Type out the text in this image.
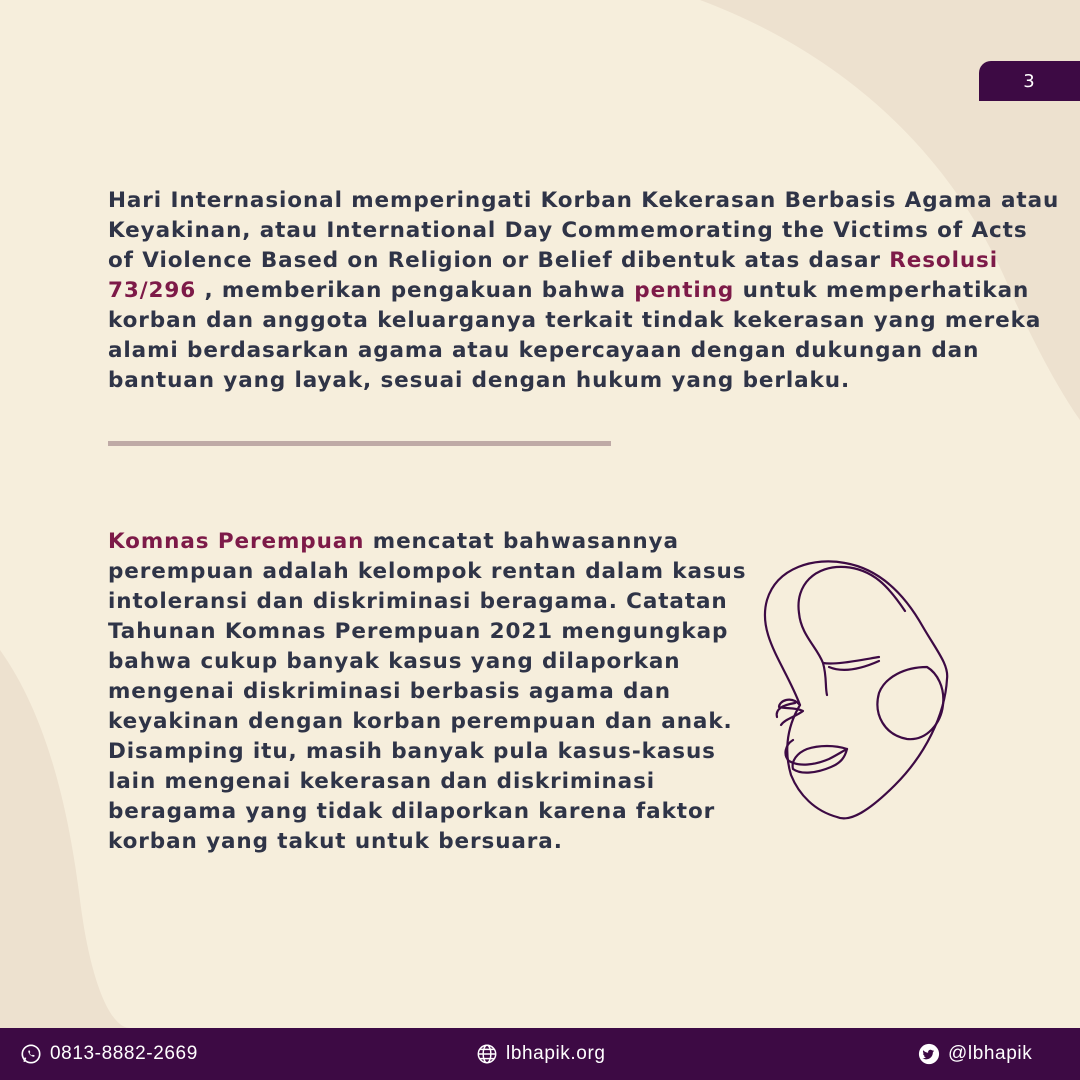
3
Hari Internasional memperingati Korban Kekerasan Berbasis Agama atau
Keyakinan, atau International Day Commemorating the Victims of Acts
of Violence Based on Religion or Belief dibentuk atas dasar Resolusi
73/296 , memberikan pengakuan bahwa penting untuk memperhatikan
korban dan anggota keluarganya terkait tindak kekerasan yang mereka
alami berdasarkan agama atau kepercayaan dengan dukungan dan
bantuan yang layak, sesuai dengan hukum yang berlaku.
Komnas Perempuan mencatat bahwasannya
perempuan adalah kelompok rentan dalam kasus
intoleransi dan diskriminasi beragama. Catatan
Tahunan Komnas Perempuan 2021 mengungkap
bahwa cukup banyak kasus yang dilaporkan
mengenai diskriminasi berbasis agama dan
keyakinan dengan korban perempuan dan anak.
Disamping itu, masih banyak pula kasus-kasus
lain mengenai kekerasan dan diskriminasi
beragama yang tidak dilaporkan karena faktor
korban yang takut untuk bersuara.
0813-8882-2669	lbhapik.org	@lbhapik
